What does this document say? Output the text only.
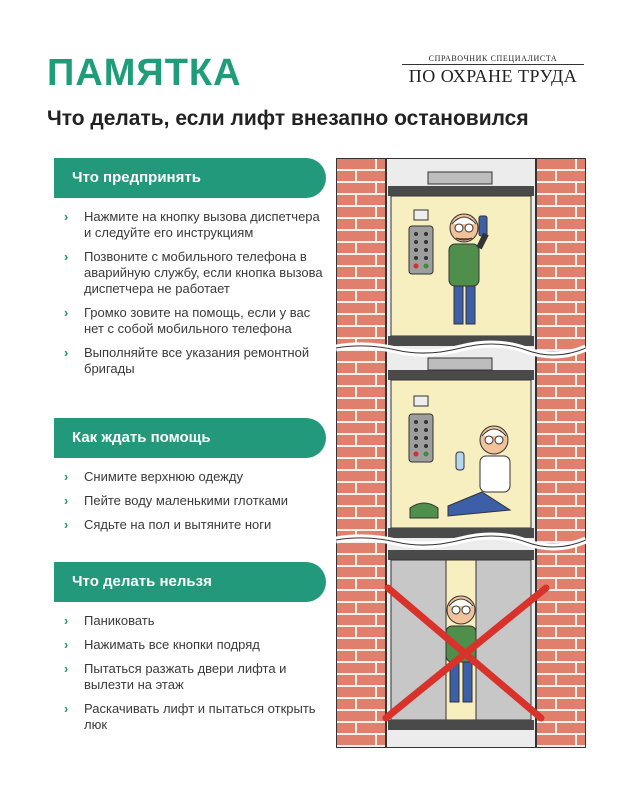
ПАМЯТКА	СПРАВОЧНИК СПЕЦИАЛИСТА
ПО ОХРАНЕ ТРУДА
Что делать, если лифт внезапно остановился
Что предпринять
› Нажмите на кнопку вызова диспетчера и следуйте его инструкциям
› Позвоните с мобильного телефона в аварийную службу, если кнопка вызова диспетчера не работает
› Громко зовите на помощь, если у вас нет с собой мобильного телефона
› Выполняйте все указания ремонтной бригады
Как ждать помощь
› Снимите верхнюю одежду
› Пейте воду маленькими глотками
› Сядьте на пол и вытяните ноги
Что делать нельзя
› Паниковать
› Нажимать все кнопки подряд
› Пытаться разжать двери лифта и вылезти на этаж
› Раскачивать лифт и пытаться открыть люк
